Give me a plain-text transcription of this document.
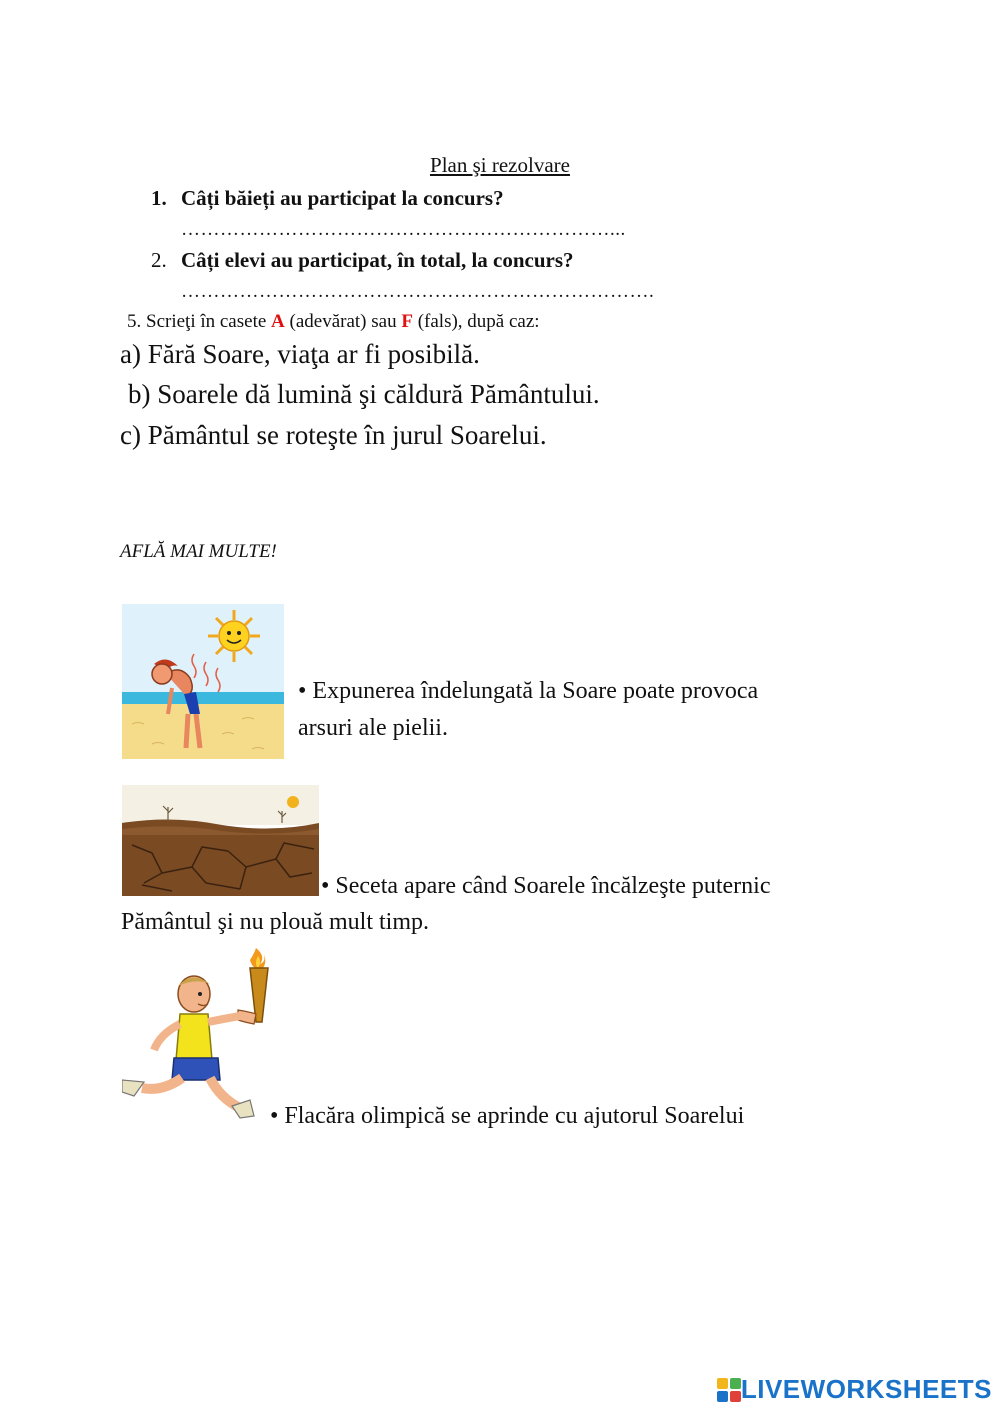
Plan şi rezolvare
1. Câți băieți au participat la concurs?
…………………………………………………………...
2. Câți elevi au participat, în total, la concurs?
……………………………………………………………….
5. Scrieţi în casete A (adevărat) sau F (fals), după caz:
a) Fără Soare, viaţa ar fi posibilă.
b) Soarele dă lumină şi căldură Pământului.
c) Pământul se roteşte în jurul Soarelui.
AFLĂ MAI MULTE!
• Expunerea îndelungată la Soare poate provoca
arsuri ale pielii.
• Seceta apare când Soarele încălzeşte puternic
Pământul şi nu plouă mult timp.
• Flacăra olimpică se aprinde cu ajutorul Soarelui
LIVEWORKSHEETS
